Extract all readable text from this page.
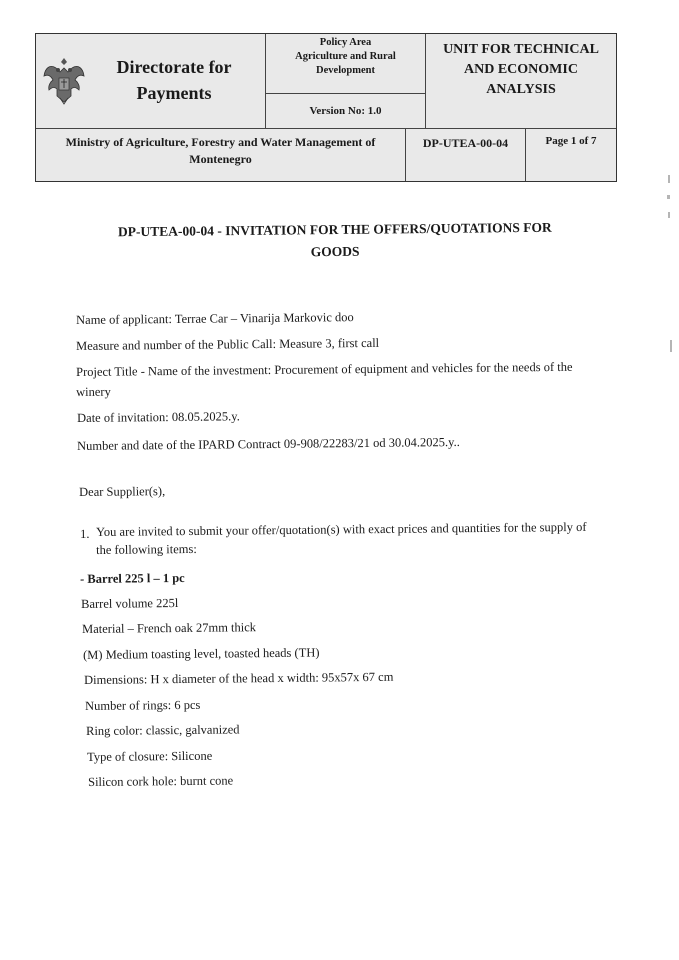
Directorate for Payments
Policy Area
Agriculture and Rural
Development
Version No: 1.0
UNIT FOR TECHNICAL
AND ECONOMIC
ANALYSIS
Ministry of Agriculture, Forestry and Water Management of
Montenegro
DP-UTEA-00-04	Page 1 of 7
DP-UTEA-00-04 - INVITATION FOR THE OFFERS/QUOTATIONS FOR
GOODS
Name of applicant: Terrae Car – Vinarija Markovic doo
Measure and number of the Public Call: Measure 3, first call
Project Title - Name of the investment: Procurement of equipment and vehicles for the needs of the
winery
Date of invitation: 08.05.2025.y.
Number and date of the IPARD Contract 09-908/22283/21 od 30.04.2025.y..
Dear Supplier(s),
1. You are invited to submit your offer/quotation(s) with exact prices and quantities for the supply of
the following items:
- Barrel 225 l – 1 pc
Barrel volume 225l
Material – French oak 27mm thick
(M) Medium toasting level, toasted heads (TH)
Dimensions: H x diameter of the head x width: 95x57x 67 cm
Number of rings: 6 pcs
Ring color: classic, galvanized
Type of closure: Silicone
Silicon cork hole: burnt cone
